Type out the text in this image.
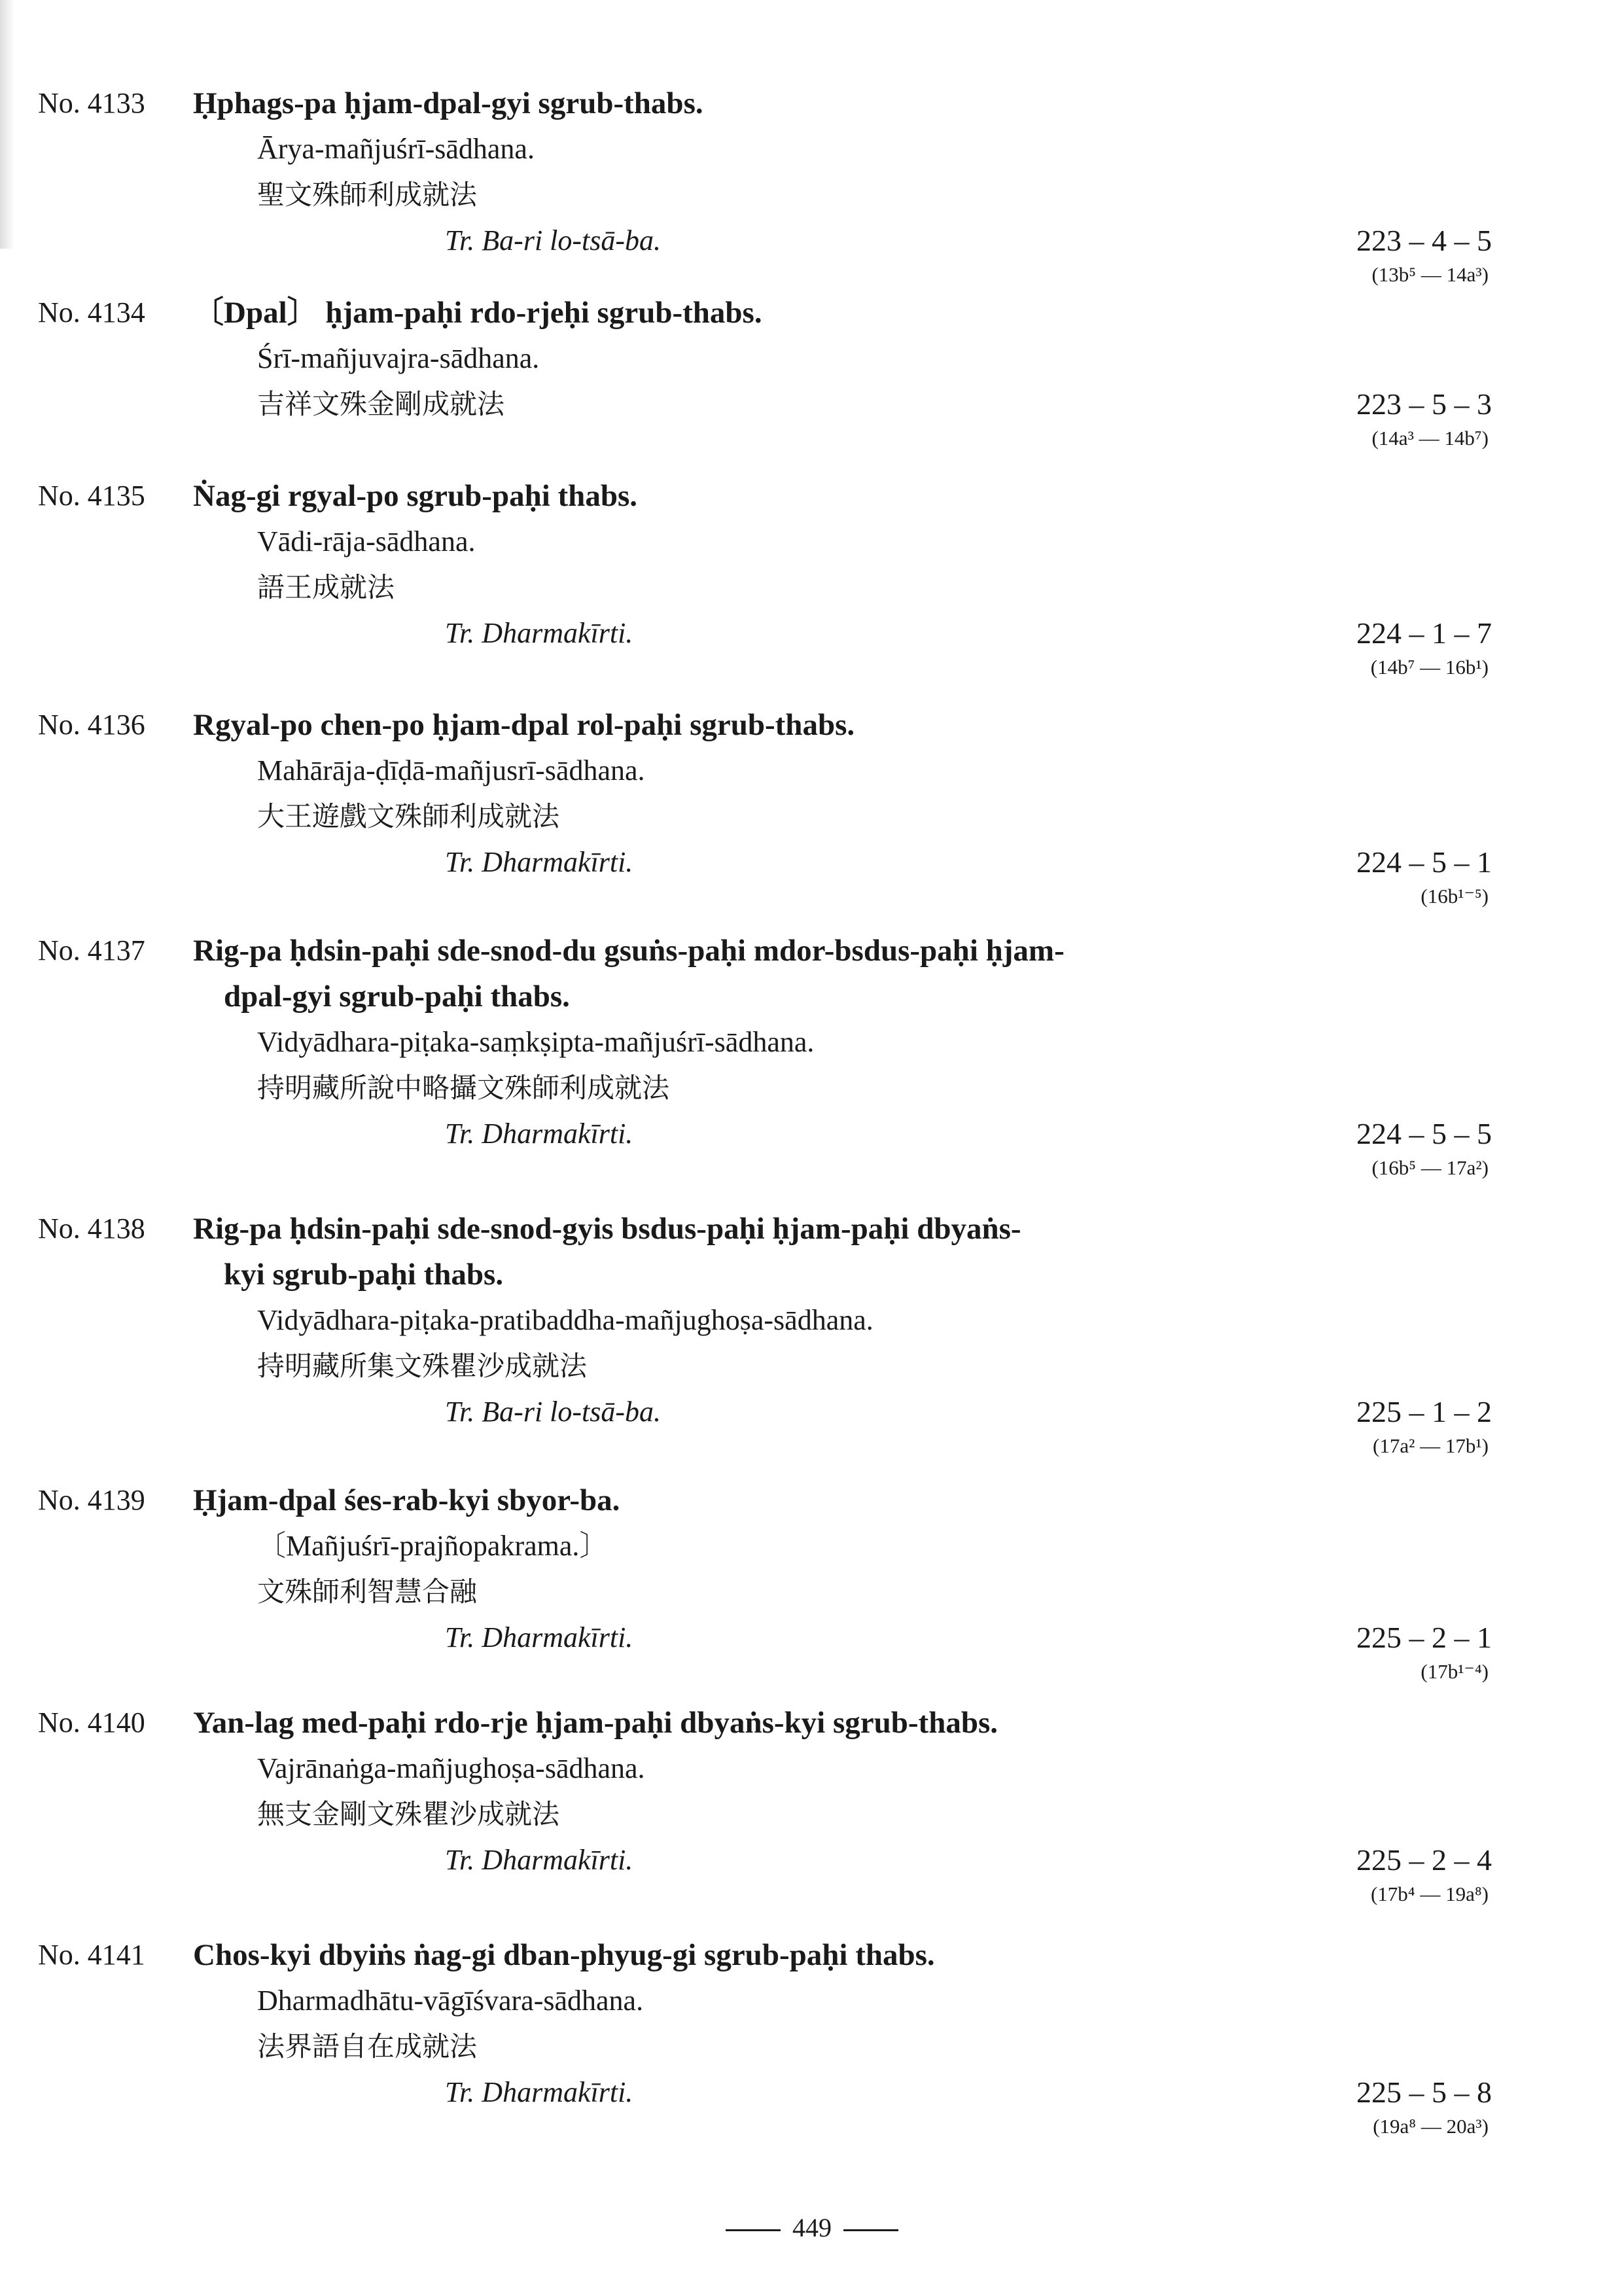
No. 4133 Ḥphags-pa ḥjam-dpal-gyi sgrub-thabs.
Ārya-mañjuśrī-sādhana.
聖文殊師利成就法
Tr. Ba-ri lo-tsā-ba.	223 – 4 – 5
(13b⁵ — 14a³)
No. 4134 〔Dpal〕 ḥjam-paḥi rdo-rjeḥi sgrub-thabs.
Śrī-mañjuvajra-sādhana.
吉祥文殊金剛成就法	223 – 5 – 3
(14a³ — 14b⁷)
No. 4135 Ṅag-gi rgyal-po sgrub-paḥi thabs.
Vādi-rāja-sādhana.
語王成就法
Tr. Dharmakīrti.	224 – 1 – 7
(14b⁷ — 16b¹)
No. 4136 Rgyal-po chen-po ḥjam-dpal rol-paḥi sgrub-thabs.
Mahārāja-ḍīḍā-mañjusrī-sādhana.
大王遊戲文殊師利成就法
Tr. Dharmakīrti.	224 – 5 – 1
(16b¹⁻⁵)
No. 4137 Rig-pa ḥdsin-paḥi sde-snod-du gsuṅs-paḥi mdor-bsdus-paḥi ḥjam-
dpal-gyi sgrub-paḥi thabs.
Vidyādhara-piṭaka-saṃkṣipta-mañjuśrī-sādhana.
持明藏所說中略攝文殊師利成就法
Tr. Dharmakīrti.	224 – 5 – 5
(16b⁵ — 17a²)
No. 4138 Rig-pa ḥdsin-paḥi sde-snod-gyis bsdus-paḥi ḥjam-paḥi dbyaṅs-
kyi sgrub-paḥi thabs.
Vidyādhara-piṭaka-pratibaddha-mañjughoṣa-sādhana.
持明藏所集文殊瞿沙成就法
Tr. Ba-ri lo-tsā-ba.	225 – 1 – 2
(17a² — 17b¹)
No. 4139 Ḥjam-dpal śes-rab-kyi sbyor-ba.
〔Mañjuśrī-prajñopakrama.〕
文殊師利智慧合融
Tr. Dharmakīrti.	225 – 2 – 1
(17b¹⁻⁴)
No. 4140 Yan-lag med-paḥi rdo-rje ḥjam-paḥi dbyaṅs-kyi sgrub-thabs.
Vajrānaṅga-mañjughoṣa-sādhana.
無支金剛文殊瞿沙成就法
Tr. Dharmakīrti.	225 – 2 – 4
(17b⁴ — 19a⁸)
No. 4141 Chos-kyi dbyiṅs ṅag-gi dban-phyug-gi sgrub-paḥi thabs.
Dharmadhātu-vāgīśvara-sādhana.
法界語自在成就法
Tr. Dharmakīrti.	225 – 5 – 8
(19a⁸ — 20a³)
449
